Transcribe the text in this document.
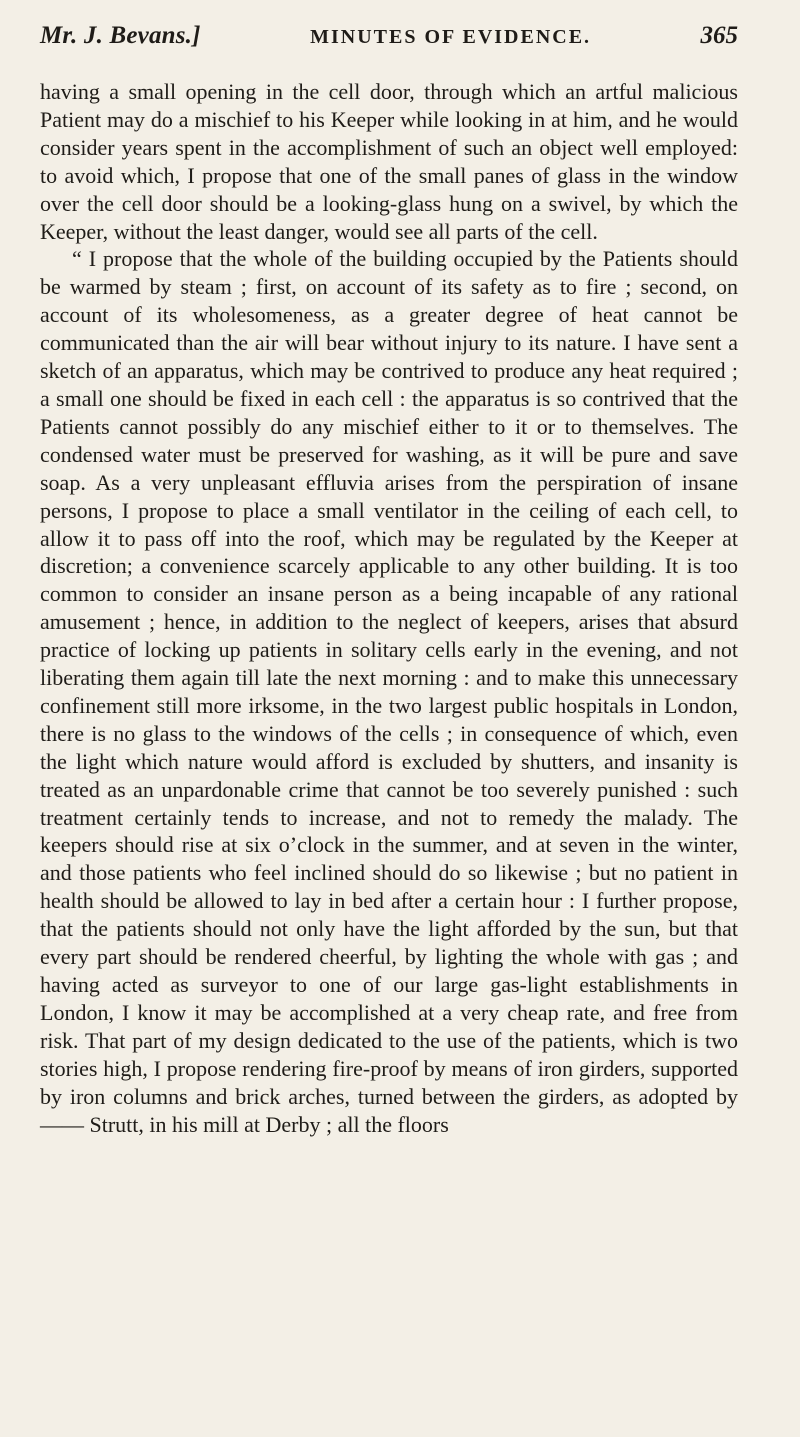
Mr. J. Bevans.]	MINUTES OF EVIDENCE.	365

having a small opening in the cell door, through which an artful malicious Patient may do a mischief to his Keeper while looking in at him, and he would consider years spent in the accomplishment of such an object well employed: to avoid which, I propose that one of the small panes of glass in the window over the cell door should be a looking-glass hung on a swivel, by which the Keeper, without the least danger, would see all parts of the cell.

“ I propose that the whole of the building occupied by the Patients should be warmed by steam ; first, on account of its safety as to fire ; second, on account of its wholesomeness, as a greater degree of heat cannot be communicated than the air will bear without injury to its nature. I have sent a sketch of an apparatus, which may be contrived to produce any heat required ; a small one should be fixed in each cell : the apparatus is so contrived that the Patients cannot possibly do any mischief either to it or to themselves. The condensed water must be preserved for washing, as it will be pure and save soap. As a very unpleasant effluvia arises from the perspiration of insane persons, I propose to place a small ventilator in the ceiling of each cell, to allow it to pass off into the roof, which may be regulated by the Keeper at discretion; a convenience scarcely applicable to any other building. It is too common to consider an insane person as a being incapable of any rational amusement ; hence, in addition to the neglect of keepers, arises that absurd practice of locking up patients in solitary cells early in the evening, and not liberating them again till late the next morning : and to make this unnecessary confinement still more irksome, in the two largest public hospitals in London, there is no glass to the windows of the cells ; in consequence of which, even the light which nature would afford is excluded by shutters, and insanity is treated as an unpardonable crime that cannot be too severely punished : such treatment certainly tends to increase, and not to remedy the malady. The keepers should rise at six o’clock in the summer, and at seven in the winter, and those patients who feel inclined should do so likewise ; but no patient in health should be allowed to lay in bed after a certain hour : I further propose, that the patients should not only have the light afforded by the sun, but that every part should be rendered cheerful, by lighting the whole with gas ; and having acted as surveyor to one of our large gas-light establishments in London, I know it may be accomplished at a very cheap rate, and free from risk. That part of my design dedicated to the use of the patients, which is two stories high, I propose rendering fire-proof by means of iron girders, supported by iron columns and brick arches, turned between the girders, as adopted by —— Strutt, in his mill at Derby ; all the floors
